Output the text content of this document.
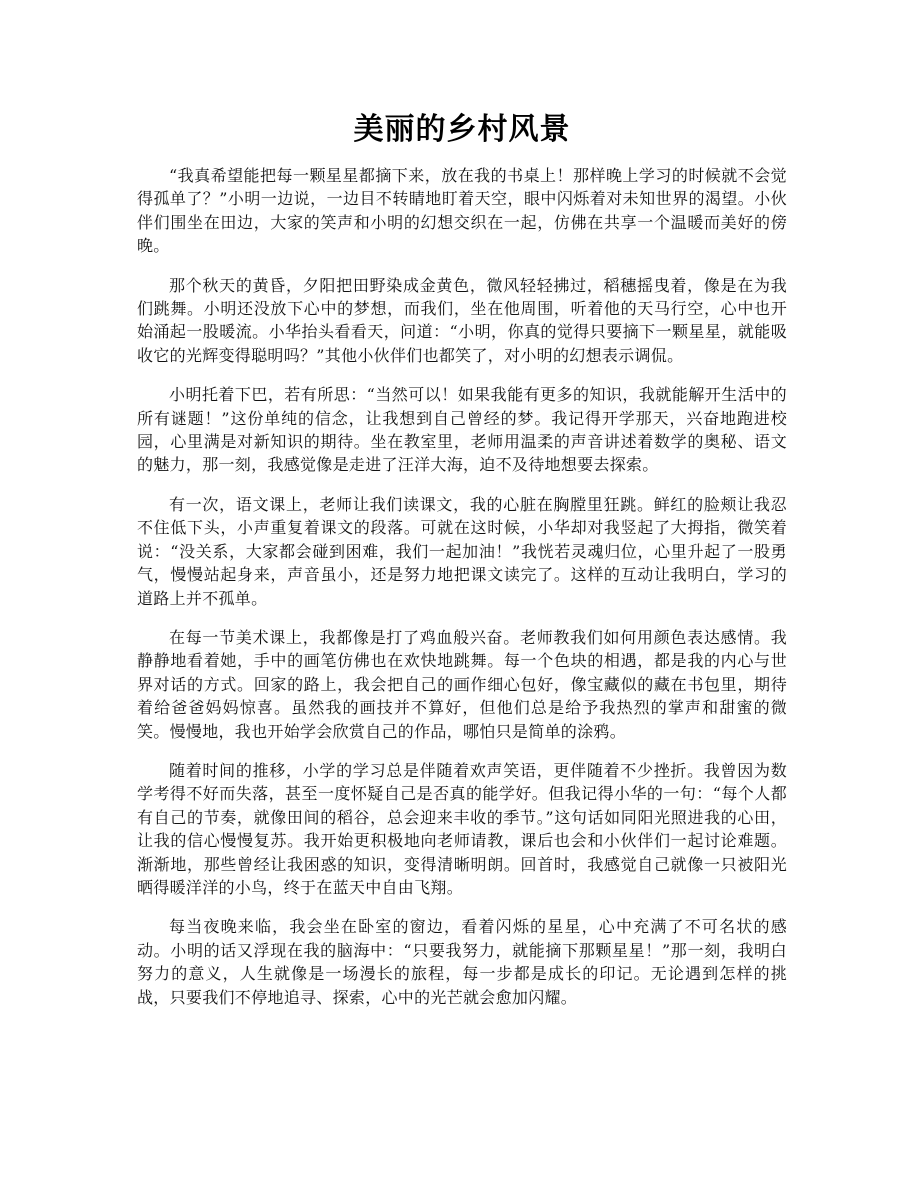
美丽的乡村风景

“我真希望能把每一颗星星都摘下来，放在我的书桌上！那样晚上学习的时候就不会觉得孤单了？”小明一边说，一边目不转睛地盯着天空，眼中闪烁着对未知世界的渴望。小伙伴们围坐在田边，大家的笑声和小明的幻想交织在一起，仿佛在共享一个温暖而美好的傍晚。

那个秋天的黄昏，夕阳把田野染成金黄色，微风轻轻拂过，稻穗摇曳着，像是在为我们跳舞。小明还没放下心中的梦想，而我们，坐在他周围，听着他的天马行空，心中也开始涌起一股暖流。小华抬头看看天，问道：“小明，你真的觉得只要摘下一颗星星，就能吸收它的光辉变得聪明吗？”其他小伙伴们也都笑了，对小明的幻想表示调侃。

小明托着下巴，若有所思：“当然可以！如果我能有更多的知识，我就能解开生活中的所有谜题！”这份单纯的信念，让我想到自己曾经的梦。我记得开学那天，兴奋地跑进校园，心里满是对新知识的期待。坐在教室里，老师用温柔的声音讲述着数学的奥秘、语文的魅力，那一刻，我感觉像是走进了汪洋大海，迫不及待地想要去探索。

有一次，语文课上，老师让我们读课文，我的心脏在胸膛里狂跳。鲜红的脸颊让我忍不住低下头，小声重复着课文的段落。可就在这时候，小华却对我竖起了大拇指，微笑着说：“没关系，大家都会碰到困难，我们一起加油！”我恍若灵魂归位，心里升起了一股勇气，慢慢站起身来，声音虽小，还是努力地把课文读完了。这样的互动让我明白，学习的道路上并不孤单。

在每一节美术课上，我都像是打了鸡血般兴奋。老师教我们如何用颜色表达感情。我静静地看着她，手中的画笔仿佛也在欢快地跳舞。每一个色块的相遇，都是我的内心与世界对话的方式。回家的路上，我会把自己的画作细心包好，像宝藏似的藏在书包里，期待着给爸爸妈妈惊喜。虽然我的画技并不算好，但他们总是给予我热烈的掌声和甜蜜的微笑。慢慢地，我也开始学会欣赏自己的作品，哪怕只是简单的涂鸦。

随着时间的推移，小学的学习总是伴随着欢声笑语，更伴随着不少挫折。我曾因为数学考得不好而失落，甚至一度怀疑自己是否真的能学好。但我记得小华的一句：“每个人都有自己的节奏，就像田间的稻谷，总会迎来丰收的季节。”这句话如同阳光照进我的心田，让我的信心慢慢复苏。我开始更积极地向老师请教，课后也会和小伙伴们一起讨论难题。渐渐地，那些曾经让我困惑的知识，变得清晰明朗。回首时，我感觉自己就像一只被阳光晒得暖洋洋的小鸟，终于在蓝天中自由飞翔。

每当夜晚来临，我会坐在卧室的窗边，看着闪烁的星星，心中充满了不可名状的感动。小明的话又浮现在我的脑海中：“只要我努力，就能摘下那颗星星！”那一刻，我明白努力的意义，人生就像是一场漫长的旅程，每一步都是成长的印记。无论遇到怎样的挑战，只要我们不停地追寻、探索，心中的光芒就会愈加闪耀。
